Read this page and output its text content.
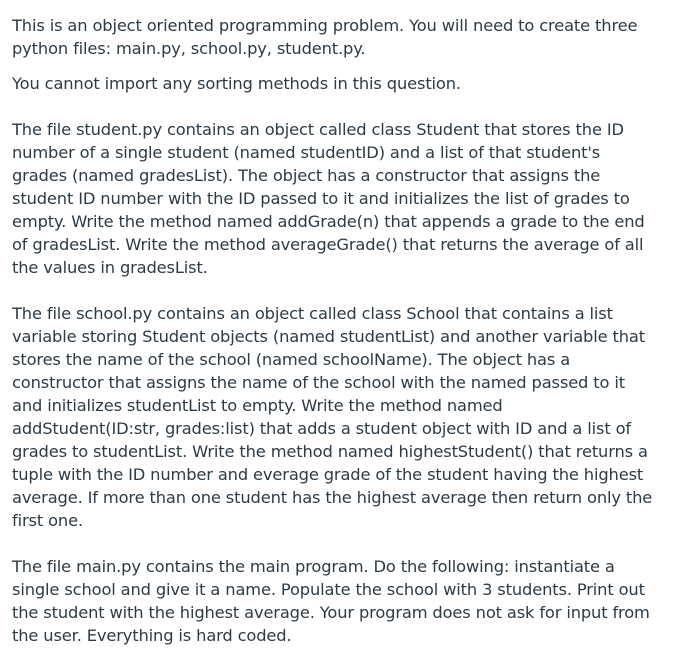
This is an object oriented programming problem. You will need to create three
python files: main.py, school.py, student.py.

You cannot import any sorting methods in this question.

The file student.py contains an object called class Student that stores the ID
number of a single student (named studentID) and a list of that student's
grades (named gradesList). The object has a constructor that assigns the
student ID number with the ID passed to it and initializes the list of grades to
empty. Write the method named addGrade(n) that appends a grade to the end
of gradesList. Write the method averageGrade() that returns the average of all
the values in gradesList.

The file school.py contains an object called class School that contains a list
variable storing Student objects (named studentList) and another variable that
stores the name of the school (named schoolName). The object has a
constructor that assigns the name of the school with the named passed to it
and initializes studentList to empty. Write the method named
addStudent(ID:str, grades:list) that adds a student object with ID and a list of
grades to studentList. Write the method named highestStudent() that returns a
tuple with the ID number and everage grade of the student having the highest
average. If more than one student has the highest average then return only the
first one.

The file main.py contains the main program. Do the following: instantiate a
single school and give it a name. Populate the school with 3 students. Print out
the student with the highest average. Your program does not ask for input from
the user. Everything is hard coded.
